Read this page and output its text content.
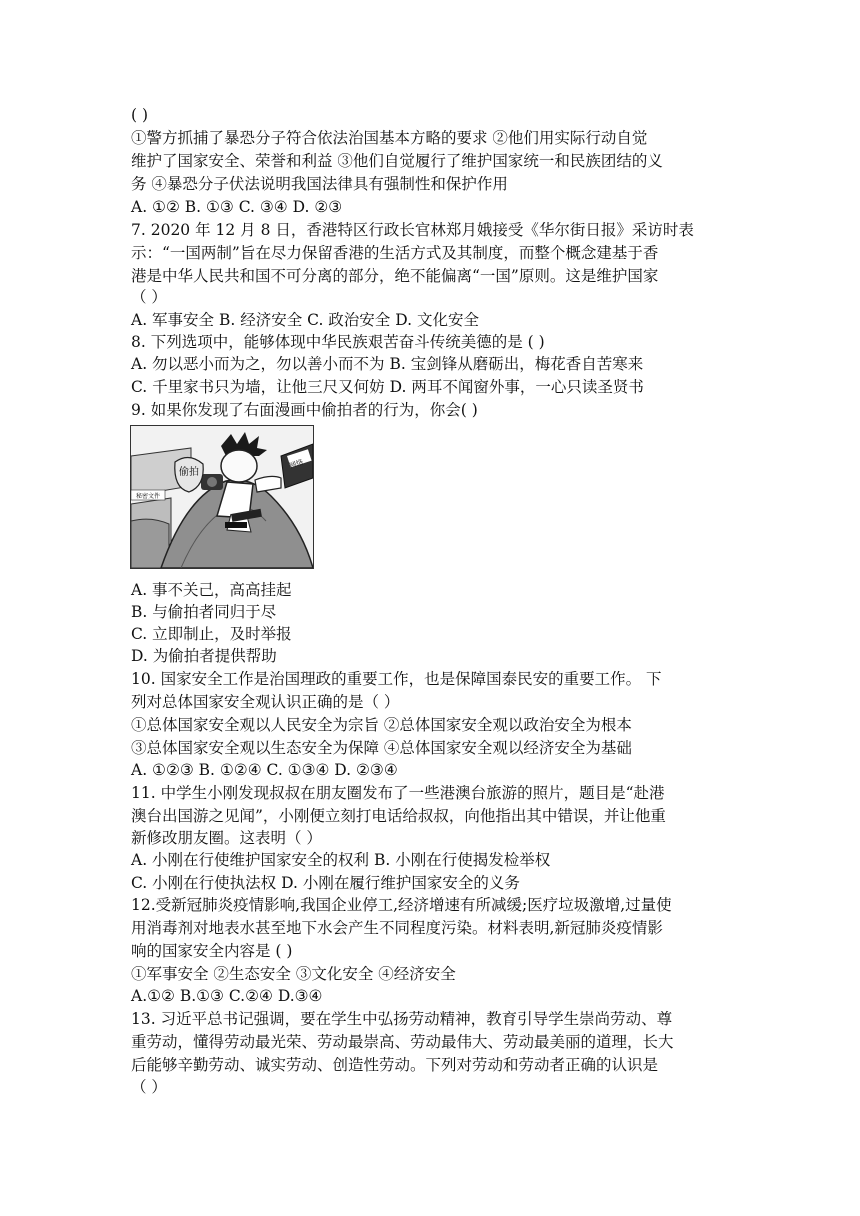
( )
①警方抓捕了暴恐分子符合依法治国基本方略的要求 ②他们用实际行动自觉
维护了国家安全、荣誉和利益 ③他们自觉履行了维护国家统一和民族团结的义
务 ④暴恐分子伏法说明我国法律具有强制性和保护作用
A. ①② B. ①③ C. ③④ D. ②③
7. 2020 年 12 月 8 日，香港特区行政长官林郑月娥接受《华尔街日报》采访时表
示：“一国两制”旨在尽力保留香港的生活方式及其制度，而整个概念建基于香
港是中华人民共和国不可分离的部分，绝不能偏离“一国”原则。这是维护国家
（ ）
A. 军事安全 B. 经济安全 C. 政治安全 D. 文化安全
8. 下列选项中，能够体现中华民族艰苦奋斗传统美德的是 ( )
A. 勿以恶小而为之，勿以善小而不为 B. 宝剑锋从磨砺出，梅花香自苦寒来
C. 千里家书只为墙，让他三尺又何妨 D. 两耳不闻窗外事，一心只读圣贤书
9. 如果你发现了右面漫画中偷拍者的行为，你会( )
偷拍
网络
秘密文件
A. 事不关己，高高挂起
B. 与偷拍者同归于尽
C. 立即制止，及时举报
D. 为偷拍者提供帮助
10. 国家安全工作是治国理政的重要工作，也是保障国泰民安的重要工作。 下
列对总体国家安全观认识正确的是（ ）
①总体国家安全观以人民安全为宗旨 ②总体国家安全观以政治安全为根本
③总体国家安全观以生态安全为保障 ④总体国家安全观以经济安全为基础
A. ①②③ B. ①②④ C. ①③④ D. ②③④
11. 中学生小刚发现叔叔在朋友圈发布了一些港澳台旅游的照片，题目是“赴港
澳台出国游之见闻”，小刚便立刻打电话给叔叔，向他指出其中错误，并让他重
新修改朋友圈。这表明（ ）
A. 小刚在行使维护国家安全的权利 B. 小刚在行使揭发检举权
C. 小刚在行使执法权 D. 小刚在履行维护国家安全的义务
12.受新冠肺炎疫情影响,我国企业停工,经济增速有所减缓;医疗垃圾激增,过量使
用消毒剂对地表水甚至地下水会产生不同程度污染。材料表明,新冠肺炎疫情影
响的国家安全内容是 ( )
①军事安全 ②生态安全 ③文化安全 ④经济安全
A.①② B.①③ C.②④ D.③④
13. 习近平总书记强调，要在学生中弘扬劳动精神，教育引导学生崇尚劳动、尊
重劳动，懂得劳动最光荣、劳动最崇高、劳动最伟大、劳动最美丽的道理，长大
后能够辛勤劳动、诚实劳动、创造性劳动。下列对劳动和劳动者正确的认识是
（ ）
